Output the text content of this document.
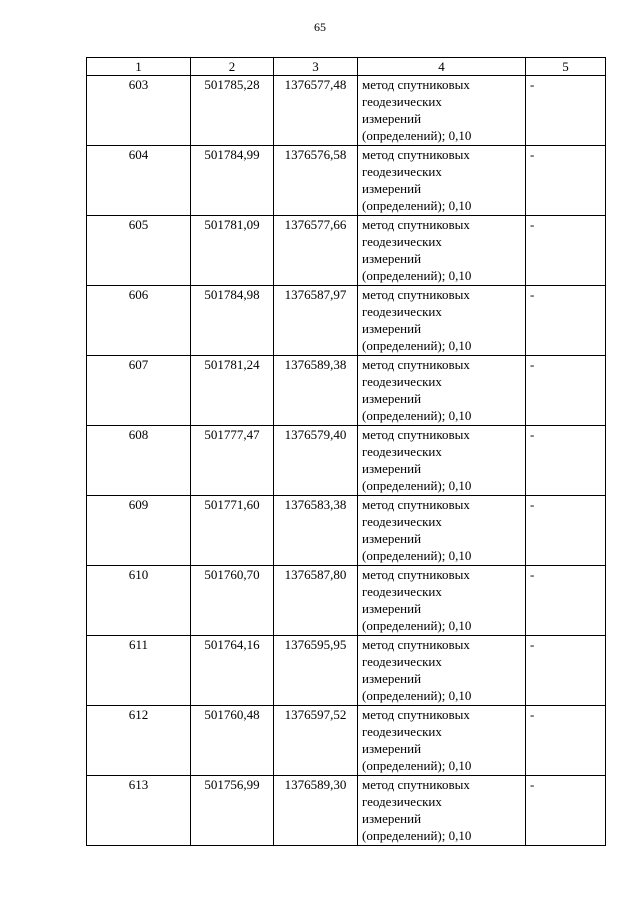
65
1	2	3	4	5
603	501785,28	1376577,48	метод спутниковых геодезических измерений (определений); 0,10	-
604	501784,99	1376576,58	метод спутниковых геодезических измерений (определений); 0,10	-
605	501781,09	1376577,66	метод спутниковых геодезических измерений (определений); 0,10	-
606	501784,98	1376587,97	метод спутниковых геодезических измерений (определений); 0,10	-
607	501781,24	1376589,38	метод спутниковых геодезических измерений (определений); 0,10	-
608	501777,47	1376579,40	метод спутниковых геодезических измерений (определений); 0,10	-
609	501771,60	1376583,38	метод спутниковых геодезических измерений (определений); 0,10	-
610	501760,70	1376587,80	метод спутниковых геодезических измерений (определений); 0,10	-
611	501764,16	1376595,95	метод спутниковых геодезических измерений (определений); 0,10	-
612	501760,48	1376597,52	метод спутниковых геодезических измерений (определений); 0,10	-
613	501756,99	1376589,30	метод спутниковых геодезических измерений (определений); 0,10	-
